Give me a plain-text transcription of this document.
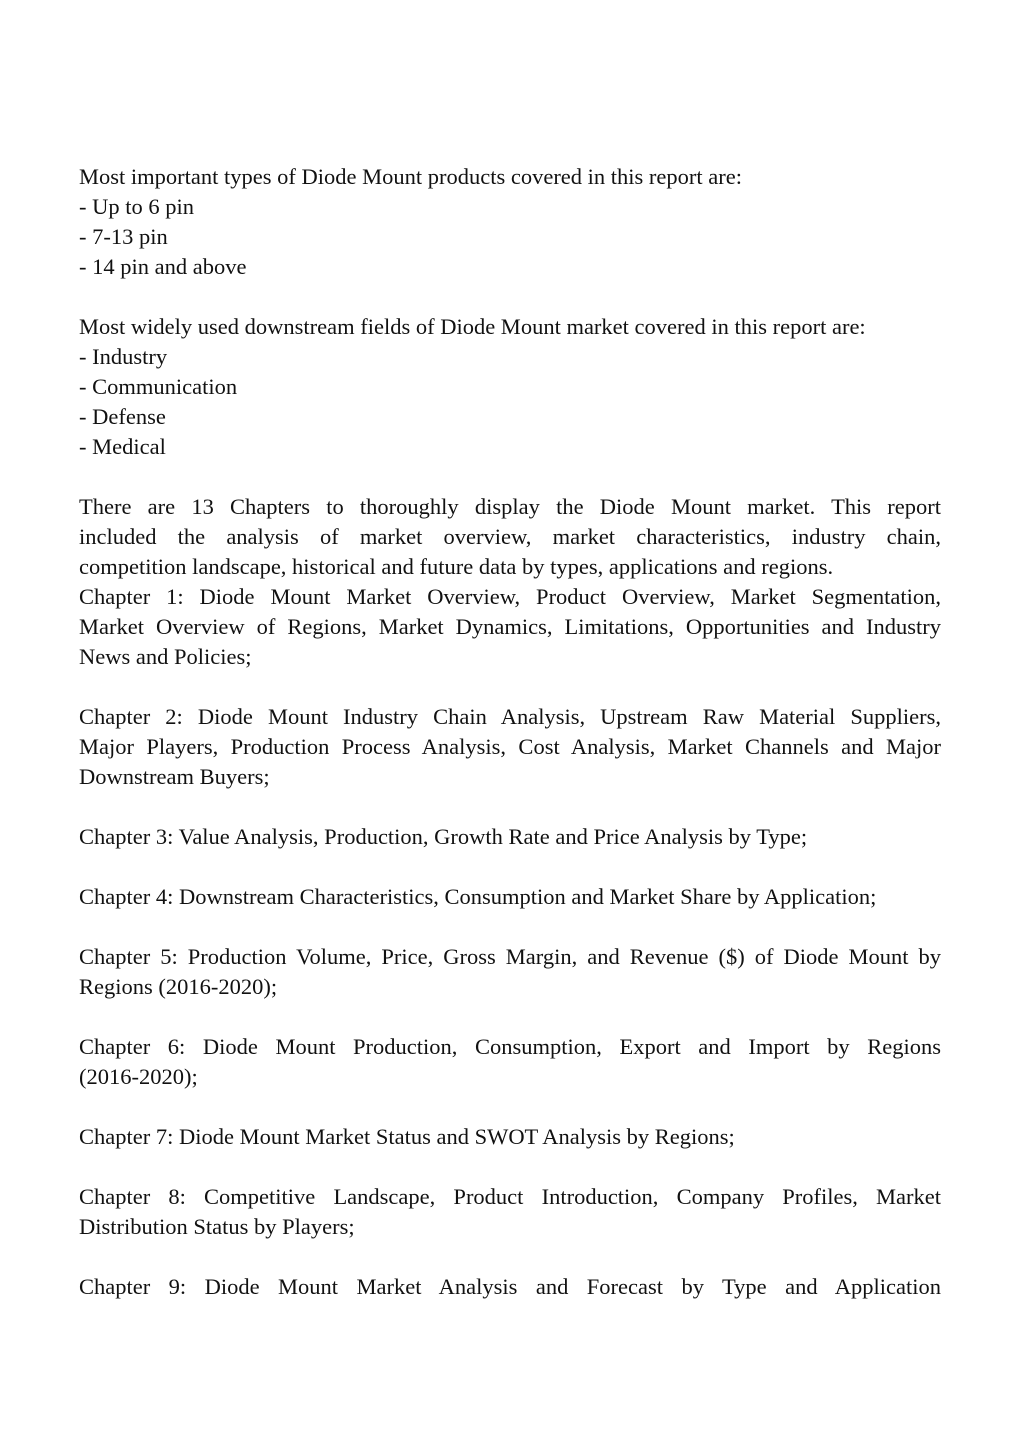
Most important types of Diode Mount products covered in this report are:
- Up to 6 pin
- 7-13 pin
- 14 pin and above
Most widely used downstream fields of Diode Mount market covered in this report are:
- Industry
- Communication
- Defense
- Medical
There are 13 Chapters to thoroughly display the Diode Mount market. This report
included the analysis of market overview, market characteristics, industry chain,
competition landscape, historical and future data by types, applications and regions.
Chapter 1: Diode Mount Market Overview, Product Overview, Market Segmentation,
Market Overview of Regions, Market Dynamics, Limitations, Opportunities and Industry
News and Policies;
Chapter 2: Diode Mount Industry Chain Analysis, Upstream Raw Material Suppliers,
Major Players, Production Process Analysis, Cost Analysis, Market Channels and Major
Downstream Buyers;
Chapter 3: Value Analysis, Production, Growth Rate and Price Analysis by Type;
Chapter 4: Downstream Characteristics, Consumption and Market Share by Application;
Chapter 5: Production Volume, Price, Gross Margin, and Revenue ($) of Diode Mount by
Regions (2016-2020);
Chapter 6: Diode Mount Production, Consumption, Export and Import by Regions
(2016-2020);
Chapter 7: Diode Mount Market Status and SWOT Analysis by Regions;
Chapter 8: Competitive Landscape, Product Introduction, Company Profiles, Market
Distribution Status by Players;
Chapter 9: Diode Mount Market Analysis and Forecast by Type and Application
